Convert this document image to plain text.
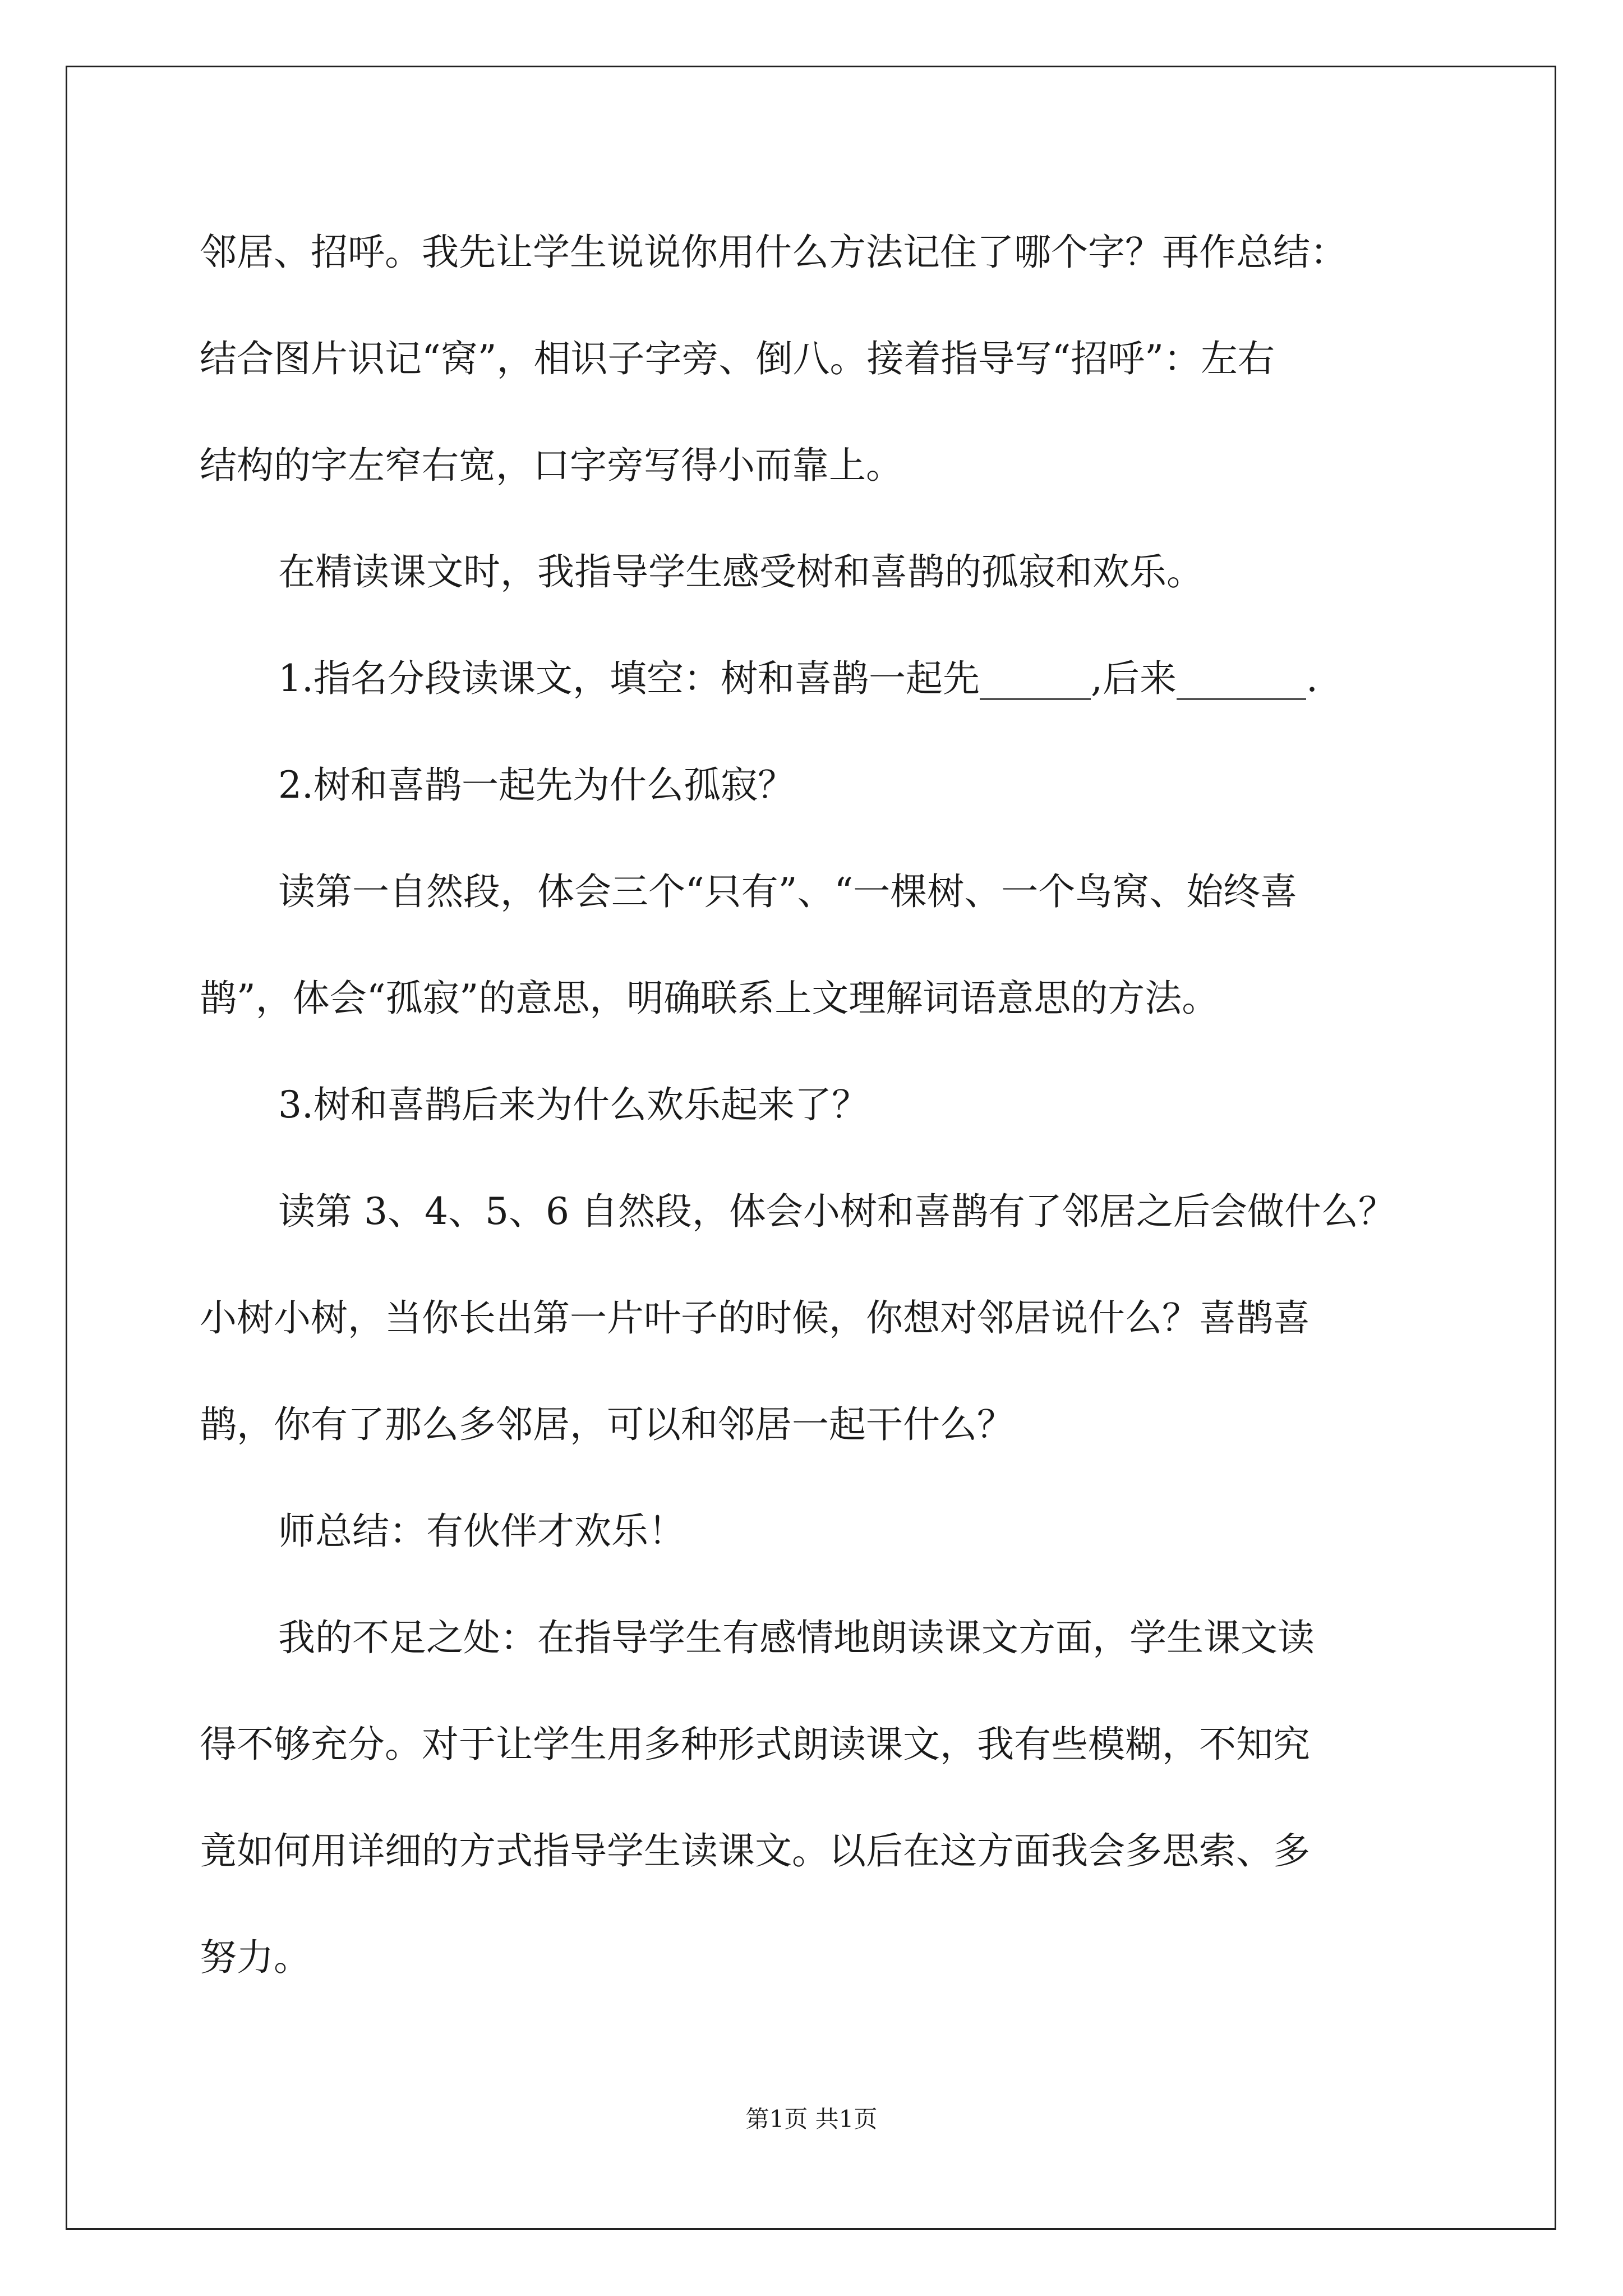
邻居、招呼。我先让学生说说你用什么方法记住了哪个字？再作总结：

结合图片识记“窝”，相识子字旁、倒八。接着指导写“招呼”：左右

结构的字左窄右宽，口字旁写得小而靠上。

在精读课文时，我指导学生感受树和喜鹊的孤寂和欢乐。

1.指名分段读课文，填空：树和喜鹊一起先______,后来_______.

2.树和喜鹊一起先为什么孤寂？

读第一自然段，体会三个“只有”、“一棵树、一个鸟窝、始终喜

鹊”，体会“孤寂”的意思，明确联系上文理解词语意思的方法。

3.树和喜鹊后来为什么欢乐起来了？

读第 3、4、5、6 自然段，体会小树和喜鹊有了邻居之后会做什么？

小树小树，当你长出第一片叶子的时候，你想对邻居说什么？喜鹊喜

鹊，你有了那么多邻居，可以和邻居一起干什么？

师总结：有伙伴才欢乐！

我的不足之处：在指导学生有感情地朗读课文方面，学生课文读

得不够充分。对于让学生用多种形式朗读课文，我有些模糊，不知究

竟如何用详细的方式指导学生读课文。以后在这方面我会多思索、多

努力。

第1页 共1页
